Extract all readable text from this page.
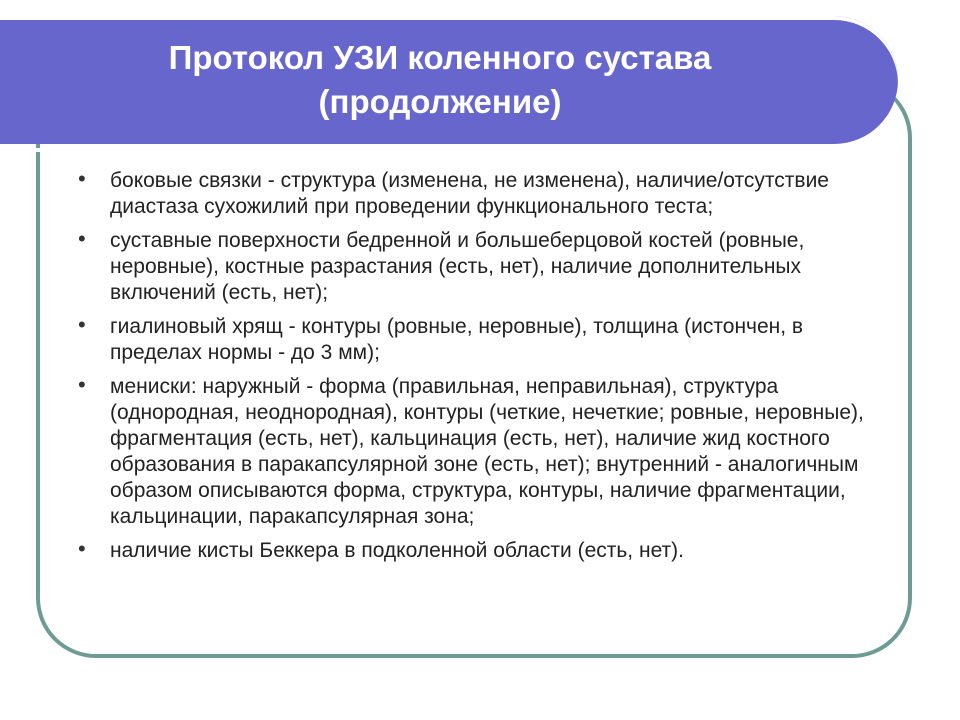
Протокол УЗИ коленного сустава
(продолжение)
• боковые связки - структура (изменена, не изменена), наличие/отсутствие диастаза сухожилий при проведении функционального теста;
• суставные поверхности бедренной и большеберцовой костей (ровные, неровные), костные разрастания (есть, нет), наличие дополнительных включений (есть, нет);
• гиалиновый хрящ - контуры (ровные, неровные), толщина (истончен, в пределах нормы - до 3 мм);
• мениски: наружный - форма (правильная, неправильная), структура (однородная, неоднородная), контуры (четкие, нечеткие; ровные, неровные), фрагментация (есть, нет), кальцинация (есть, нет), наличие жид костного образования в паракапсулярной зоне (есть, нет); внутренний - аналогичным образом описываются форма, структура, контуры, наличие фрагментации, кальцинации, паракапсулярная зона;
• наличие кисты Беккера в подколенной области (есть, нет).
